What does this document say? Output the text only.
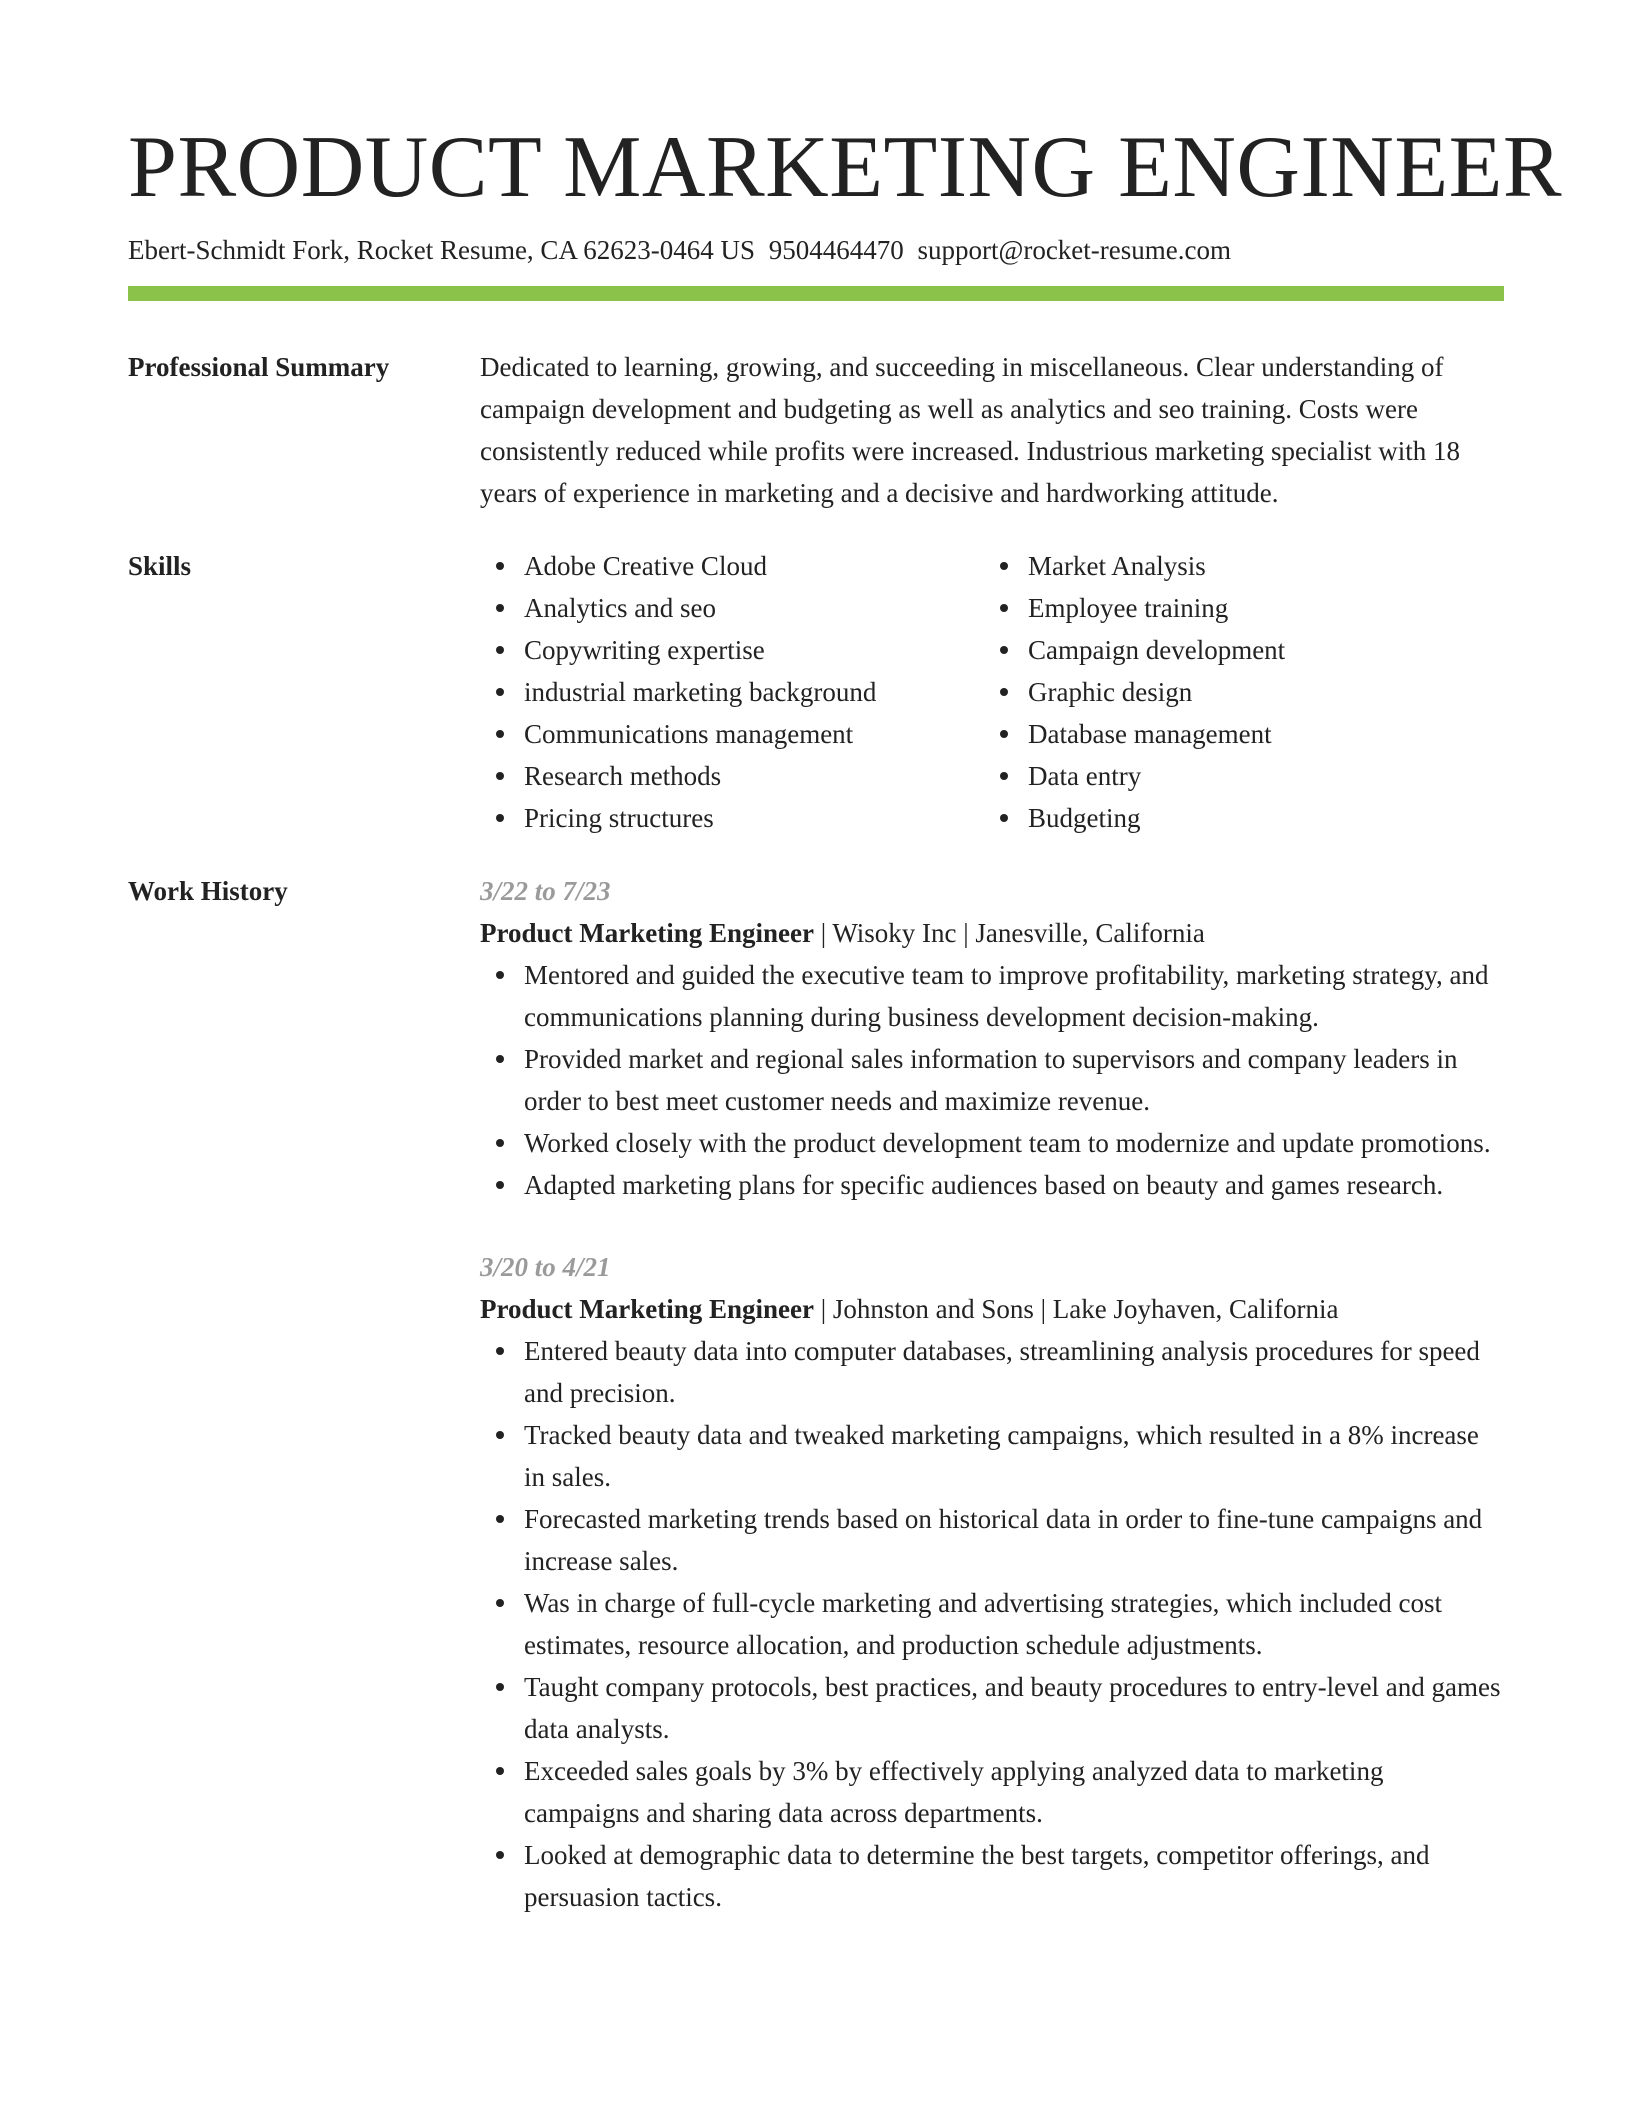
PRODUCT MARKETING ENGINEER
Ebert-Schmidt Fork, Rocket Resume, CA 62623-0464 US 9504464470 support@rocket-resume.com
Professional Summary	Dedicated to learning, growing, and succeeding in miscellaneous. Clear understanding of campaign development and budgeting as well as analytics and seo training. Costs were consistently reduced while profits were increased. Industrious marketing specialist with 18 years of experience in marketing and a decisive and hardworking attitude.

Skills	Adobe Creative Cloud
Analytics and seo
Copywriting expertise
industrial marketing background
Communications management
Research methods
Pricing structures
Market Analysis
Employee training
Campaign development
Graphic design
Database management
Data entry
Budgeting
Work History	3/22 to 7/23
Product Marketing Engineer | Wisoky Inc | Janesville, California
Mentored and guided the executive team to improve profitability, marketing strategy, and communications planning during business development decision-making.
Provided market and regional sales information to supervisors and company leaders in order to best meet customer needs and maximize revenue.
Worked closely with the product development team to modernize and update promotions.
Adapted marketing plans for specific audiences based on beauty and games research.
3/20 to 4/21
Product Marketing Engineer | Johnston and Sons | Lake Joyhaven, California
Entered beauty data into computer databases, streamlining analysis procedures for speed and precision.
Tracked beauty data and tweaked marketing campaigns, which resulted in a 8% increase in sales.
Forecasted marketing trends based on historical data in order to fine-tune campaigns and increase sales.
Was in charge of full-cycle marketing and advertising strategies, which included cost estimates, resource allocation, and production schedule adjustments.
Taught company protocols, best practices, and beauty procedures to entry-level and games data analysts.
Exceeded sales goals by 3% by effectively applying analyzed data to marketing campaigns and sharing data across departments.
Looked at demographic data to determine the best targets, competitor offerings, and persuasion tactics.
